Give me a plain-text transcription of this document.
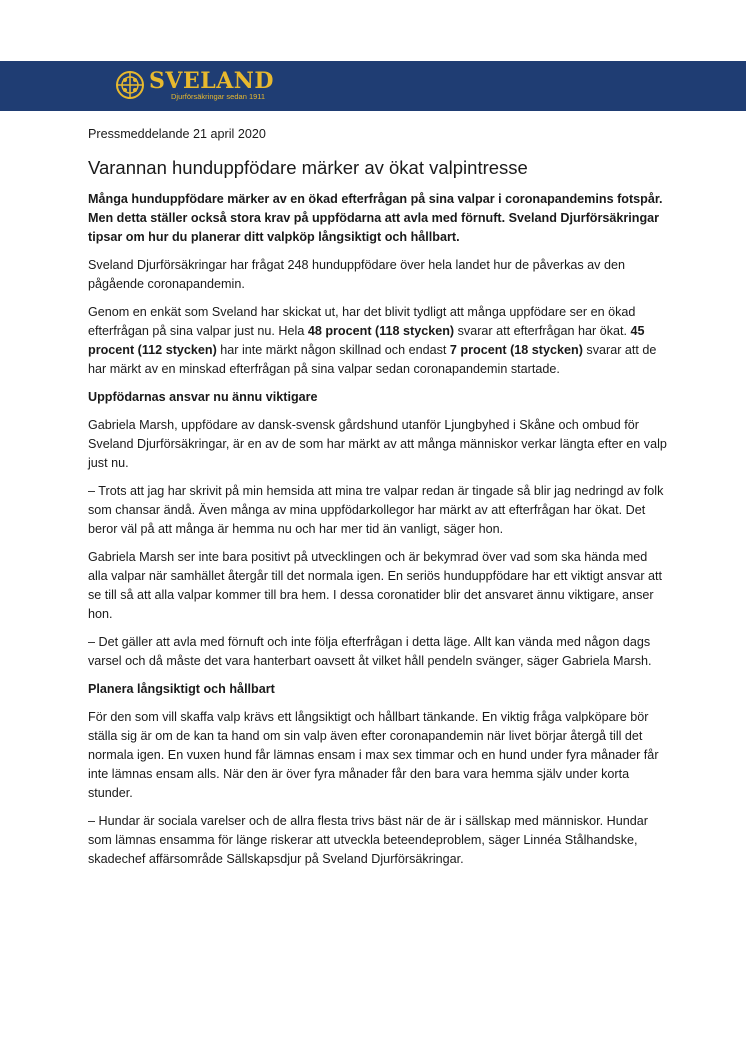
SVELAND
Djurförsäkringar sedan 1911
Pressmeddelande 21 april 2020
Varannan hunduppfödare märker av ökat valpintresse

Många hunduppfödare märker av en ökad efterfrågan på sina valpar i coronapandemins fotspår. Men detta ställer också stora krav på uppfödarna att avla med förnuft. Sveland Djurförsäkringar tipsar om hur du planerar ditt valpköp långsiktigt och hållbart.

Sveland Djurförsäkringar har frågat 248 hunduppfödare över hela landet hur de påverkas av den pågående coronapandemin.

Genom en enkät som Sveland har skickat ut, har det blivit tydligt att många uppfödare ser en ökad efterfrågan på sina valpar just nu. Hela 48 procent (118 stycken) svarar att efterfrågan har ökat. 45 procent (112 stycken) har inte märkt någon skillnad och endast 7 procent (18 stycken) svarar att de har märkt av en minskad efterfrågan på sina valpar sedan coronapandemin startade.

Uppfödarnas ansvar nu ännu viktigare

Gabriela Marsh, uppfödare av dansk-svensk gårdshund utanför Ljungbyhed i Skåne och ombud för Sveland Djurförsäkringar, är en av de som har märkt av att många människor verkar längta efter en valp just nu.

– Trots att jag har skrivit på min hemsida att mina tre valpar redan är tingade så blir jag nedringd av folk som chansar ändå. Även många av mina uppfödarkollegor har märkt av att efterfrågan har ökat. Det beror väl på att många är hemma nu och har mer tid än vanligt, säger hon.

Gabriela Marsh ser inte bara positivt på utvecklingen och är bekymrad över vad som ska hända med alla valpar när samhället återgår till det normala igen. En seriös hunduppfödare har ett viktigt ansvar att se till så att alla valpar kommer till bra hem. I dessa coronatider blir det ansvaret ännu viktigare, anser hon.

– Det gäller att avla med förnuft och inte följa efterfrågan i detta läge. Allt kan vända med någon dags varsel och då måste det vara hanterbart oavsett åt vilket håll pendeln svänger, säger Gabriela Marsh.

Planera långsiktigt och hållbart

För den som vill skaffa valp krävs ett långsiktigt och hållbart tänkande. En viktig fråga valpköpare bör ställa sig är om de kan ta hand om sin valp även efter coronapandemin när livet börjar återgå till det normala igen. En vuxen hund får lämnas ensam i max sex timmar och en hund under fyra månader får inte lämnas ensam alls. När den är över fyra månader får den bara vara hemma själv under korta stunder.

– Hundar är sociala varelser och de allra flesta trivs bäst när de är i sällskap med människor. Hundar som lämnas ensamma för länge riskerar att utveckla beteendeproblem, säger Linnéa Stålhandske, skadechef affärsområde Sällskapsdjur på Sveland Djurförsäkringar.
